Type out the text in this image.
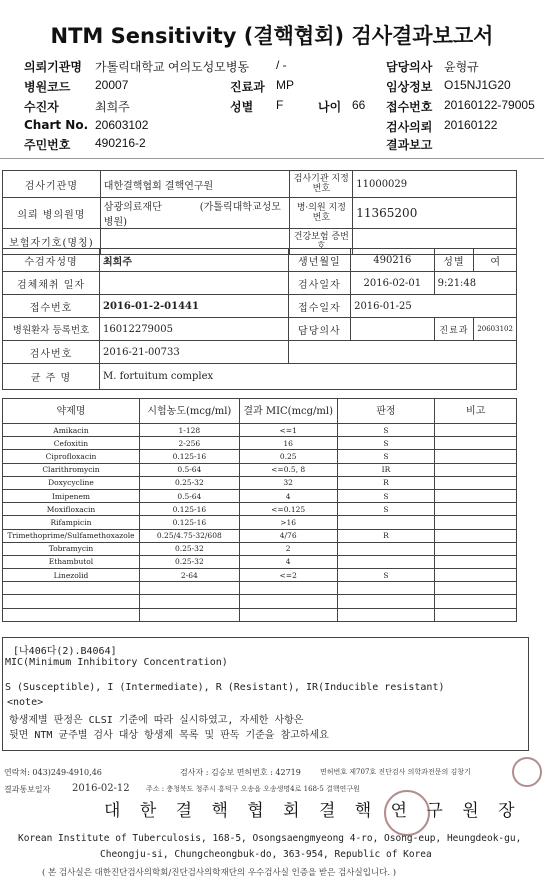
NTM Sensitivity (결핵협회) 검사결과보고서
의뢰기관명 가톨릭대학교 여의도성모병동 / -	담당의사 윤형규
병원코드 20007	진료과 MP	임상정보 O15NJ1G20
수진자	최희주	성별 F	나이 66 접수번호 20160122-79005
Chart No. 20603102	검사의뢰 20160122
주민번호 490216-2	결과보고
검사기관명	대한결핵협회 결핵연구원	검사기관 지정번호	11000029
의뢰 병의원명	삼광의료재단 (가톨릭대학교성모병원)	병·의원 지정번호	11365200
보험자기호(명칭)		건강보험 증번호	
수검자성명	최희주	생년월일	490216	성별	여
검체채취 일자		검사일자	2016-02-01	9:21:48	
접수번호	2016-01-2-01441	접수일자	2016-01-25		
병원환자 등록번호	16012279005	담당의사		진료과	20603102
검사번호	2016-21-00733				
균 주 명	M. fortuitum complex				
약제명	시험농도(mcg/ml)	결과 MIC(mcg/ml)	판정	비고
Amikacin	1-128	<=1	S	
Cefoxitin	2-256	16	S	
Ciprofloxacin	0.125-16	0.25	S	
Clarithromycin	0.5-64	<=0.5, 8	IR	
Doxycycline	0.25-32	32	R	
Imipenem	0.5-64	4	S	
Moxifloxacin	0.125-16	<=0.125	S	
Rifampicin	0.125-16	>16		
Trimethoprime/Sulfamethoxazole	0.25/4.75-32/608	4/76	R	
Tobramycin	0.25-32	2		
Ethambutol	0.25-32	4		
Linezolid	2-64	<=2	S	

[나406다(2).B4064]
MIC(Minimum Inhibitory Concentration)
S (Susceptible), I (Intermediate), R (Resistant), IR(Inducible resistant)
<note>
항생제별 판정은 CLSI 기준에 따라 실시하였고, 자세한 사항은
뒷면 NTM 균주별 검사 대상 항생제 목록 및 판독 기준을 참고하세요
연락처: 043)249-4910,46	검사자 : 김승보 면허번호 : 42719	면허번호 제707호 진단검사 의학과전문의 김창기
결과통보일자 2016-02-12 주소 : 충청북도 청주시 흥덕구 오송읍 오송생명4로 168-5 결핵연구원
대 한 결 핵 협 회 결 핵 연 구 원 장
Korean Institute of Tuberculosis, 168-5, Osongsaengmyeong 4-ro, Osong-eup, Heungdeok-gu,
Cheongju-si, Chungcheongbuk-do, 363-954, Republic of Korea
( 본 검사실은 대한진단검사의학회/진단검사의학재단의 우수검사실 인증을 받은 검사실입니다. )
